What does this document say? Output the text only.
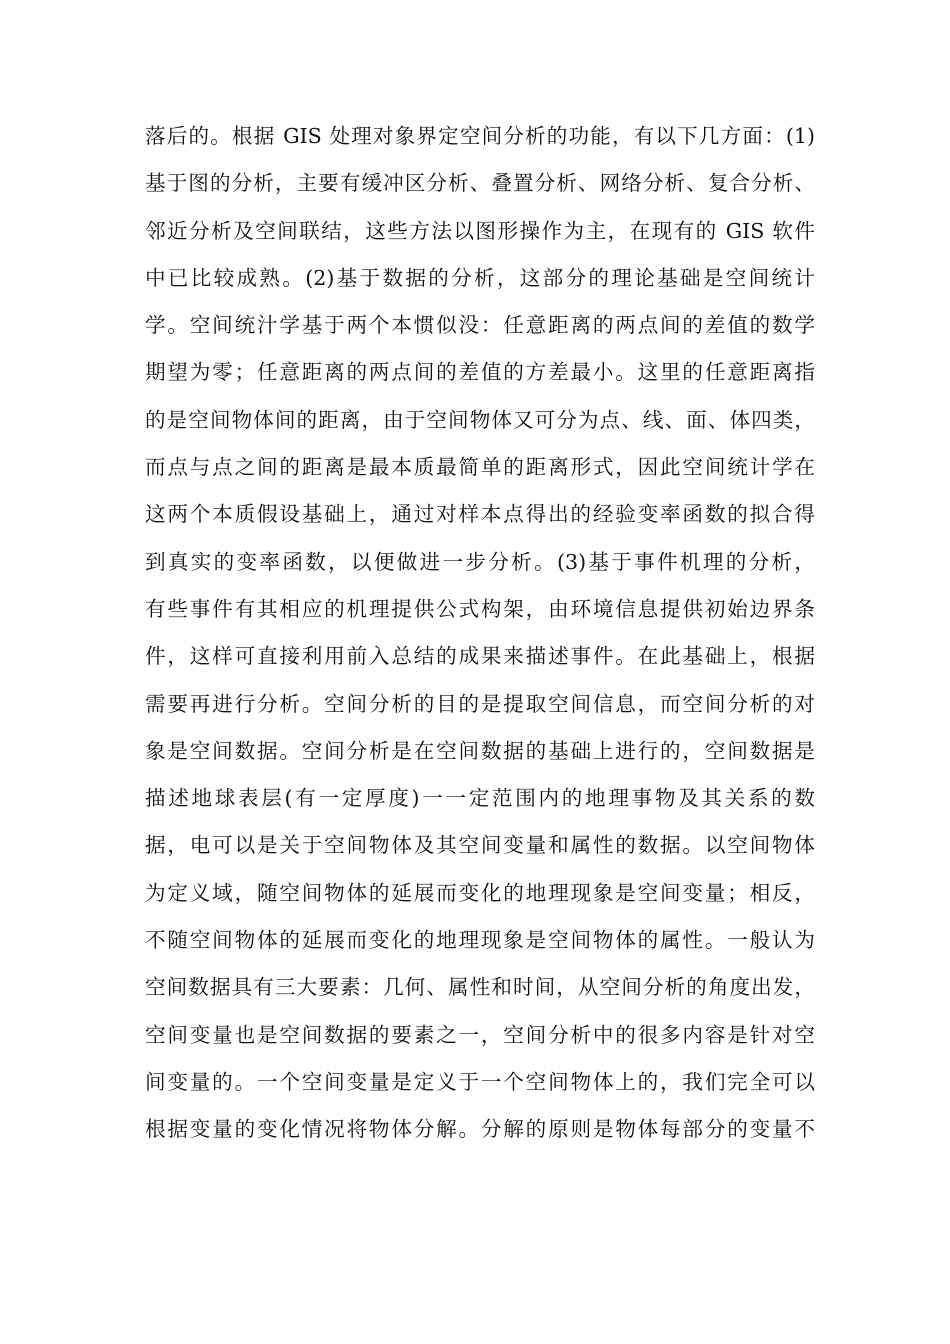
落后的。根据 GIS 处理对象界定空间分析的功能，有以下几方面：(1)
基于图的分析，主要有缓冲区分析、叠置分析、网络分析、复合分析、
邻近分析及空间联结，这些方法以图形操作为主，在现有的 GIS 软件
中已比较成熟。(2)基于数据的分析，这部分的理论基础是空间统计
学。空间统汁学基于两个本惯似没：任意距离的两点间的差值的数学
期望为零；任意距离的两点间的差值的方差最小。这里的任意距离指
的是空间物体间的距离，由于空间物体又可分为点、线、面、体四类，
而点与点之间的距离是最本质最简单的距离形式，因此空间统计学在
这两个本质假设基础上，通过对样本点得出的经验变率函数的拟合得
到真实的变率函数，以便做进一步分析。(3)基于事件机理的分析，
有些事件有其相应的机理提供公式构架，由环境信息提供初始边界条
件，这样可直接利用前入总结的成果来描述事件。在此基础上，根据
需要再进行分析。空间分析的目的是提取空间信息，而空间分析的对
象是空间数据。空间分析是在空间数据的基础上进行的，空间数据是
描述地球表层(有一定厚度)一一定范围内的地理事物及其关系的数
据，电可以是关于空间物体及其空间变量和属性的数据。以空间物体
为定义域，随空间物体的延展而变化的地理现象是空间变量；相反，
不随空间物体的延展而变化的地理现象是空间物体的属性。一般认为
空间数据具有三大要素：几何、属性和时间，从空间分析的角度出发，
空间变量也是空间数据的要素之一，空间分析中的很多内容是针对空
间变量的。一个空间变量是定义于一个空间物体上的，我们完全可以
根据变量的变化情况将物体分解。分解的原则是物体每部分的变量不
